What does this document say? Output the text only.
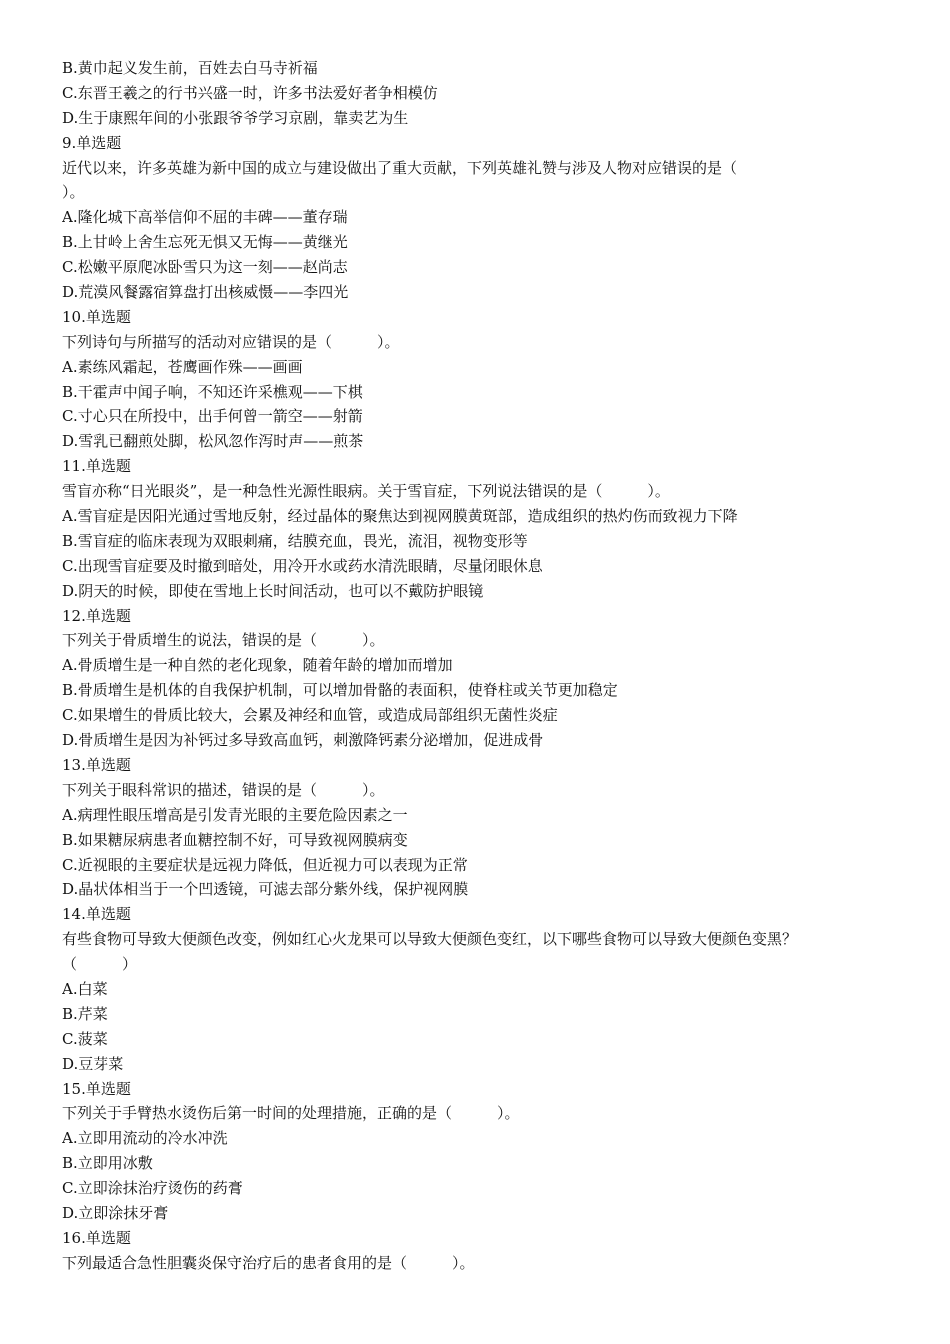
B.黄巾起义发生前，百姓去白马寺祈福
C.东晋王羲之的行书兴盛一时，许多书法爱好者争相模仿
D.生于康熙年间的小张跟爷爷学习京剧，靠卖艺为生
9.单选题
近代以来，许多英雄为新中国的成立与建设做出了重大贡献，下列英雄礼赞与涉及人物对应错误的是（
）。
A.隆化城下高举信仰不屈的丰碑——董存瑞
B.上甘岭上舍生忘死无惧又无悔——黄继光
C.松嫩平原爬冰卧雪只为这一刻——赵尚志
D.荒漠风餐露宿算盘打出核威慑——李四光
10.单选题
下列诗句与所描写的活动对应错误的是（　　　）。
A.素练风霜起，苍鹰画作殊——画画
B.干霍声中闻子响，不知还许采樵观——下棋
C.寸心只在所投中，出手何曾一箭空——射箭
D.雪乳已翻煎处脚，松风忽作泻时声——煎茶
11.单选题
雪盲亦称“日光眼炎”，是一种急性光源性眼病。关于雪盲症，下列说法错误的是（　　　）。
A.雪盲症是因阳光通过雪地反射，经过晶体的聚焦达到视网膜黄斑部，造成组织的热灼伤而致视力下降
B.雪盲症的临床表现为双眼刺痛，结膜充血，畏光，流泪，视物变形等
C.出现雪盲症要及时撤到暗处，用冷开水或药水清洗眼睛，尽量闭眼休息
D.阴天的时候，即使在雪地上长时间活动，也可以不戴防护眼镜
12.单选题
下列关于骨质增生的说法，错误的是（　　　）。
A.骨质增生是一种自然的老化现象，随着年龄的增加而增加
B.骨质增生是机体的自我保护机制，可以增加骨骼的表面积，使脊柱或关节更加稳定
C.如果增生的骨质比较大，会累及神经和血管，或造成局部组织无菌性炎症
D.骨质增生是因为补钙过多导致高血钙，刺激降钙素分泌增加，促进成骨
13.单选题
下列关于眼科常识的描述，错误的是（　　　）。
A.病理性眼压增高是引发青光眼的主要危险因素之一
B.如果糖尿病患者血糖控制不好，可导致视网膜病变
C.近视眼的主要症状是远视力降低，但近视力可以表现为正常
D.晶状体相当于一个凹透镜，可滤去部分紫外线，保护视网膜
14.单选题
有些食物可导致大便颜色改变，例如红心火龙果可以导致大便颜色变红，以下哪些食物可以导致大便颜色变黑？
（　　　）
A.白菜
B.芹菜
C.菠菜
D.豆芽菜
15.单选题
下列关于手臂热水烫伤后第一时间的处理措施，正确的是（　　　）。
A.立即用流动的冷水冲洗
B.立即用冰敷
C.立即涂抹治疗烫伤的药膏
D.立即涂抹牙膏
16.单选题
下列最适合急性胆囊炎保守治疗后的患者食用的是（　　　）。
